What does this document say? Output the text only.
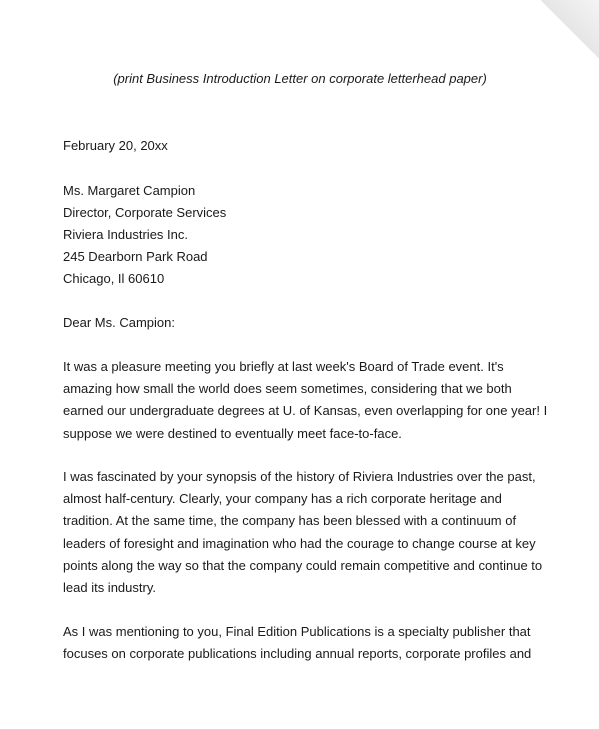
(print Business Introduction Letter on corporate letterhead paper)
February 20, 20xx
Ms. Margaret Campion
Director, Corporate Services
Riviera Industries Inc.
245 Dearborn Park Road
Chicago, Il 60610
Dear Ms. Campion:
It was a pleasure meeting you briefly at last week's Board of Trade event. It's
amazing how small the world does seem sometimes, considering that we both
earned our undergraduate degrees at U. of Kansas, even overlapping for one year! I
suppose we were destined to eventually meet face-to-face.
I was fascinated by your synopsis of the history of Riviera Industries over the past,
almost half-century. Clearly, your company has a rich corporate heritage and
tradition. At the same time, the company has been blessed with a continuum of
leaders of foresight and imagination who had the courage to change course at key
points along the way so that the company could remain competitive and continue to
lead its industry.
As I was mentioning to you, Final Edition Publications is a specialty publisher that
focuses on corporate publications including annual reports, corporate profiles and
